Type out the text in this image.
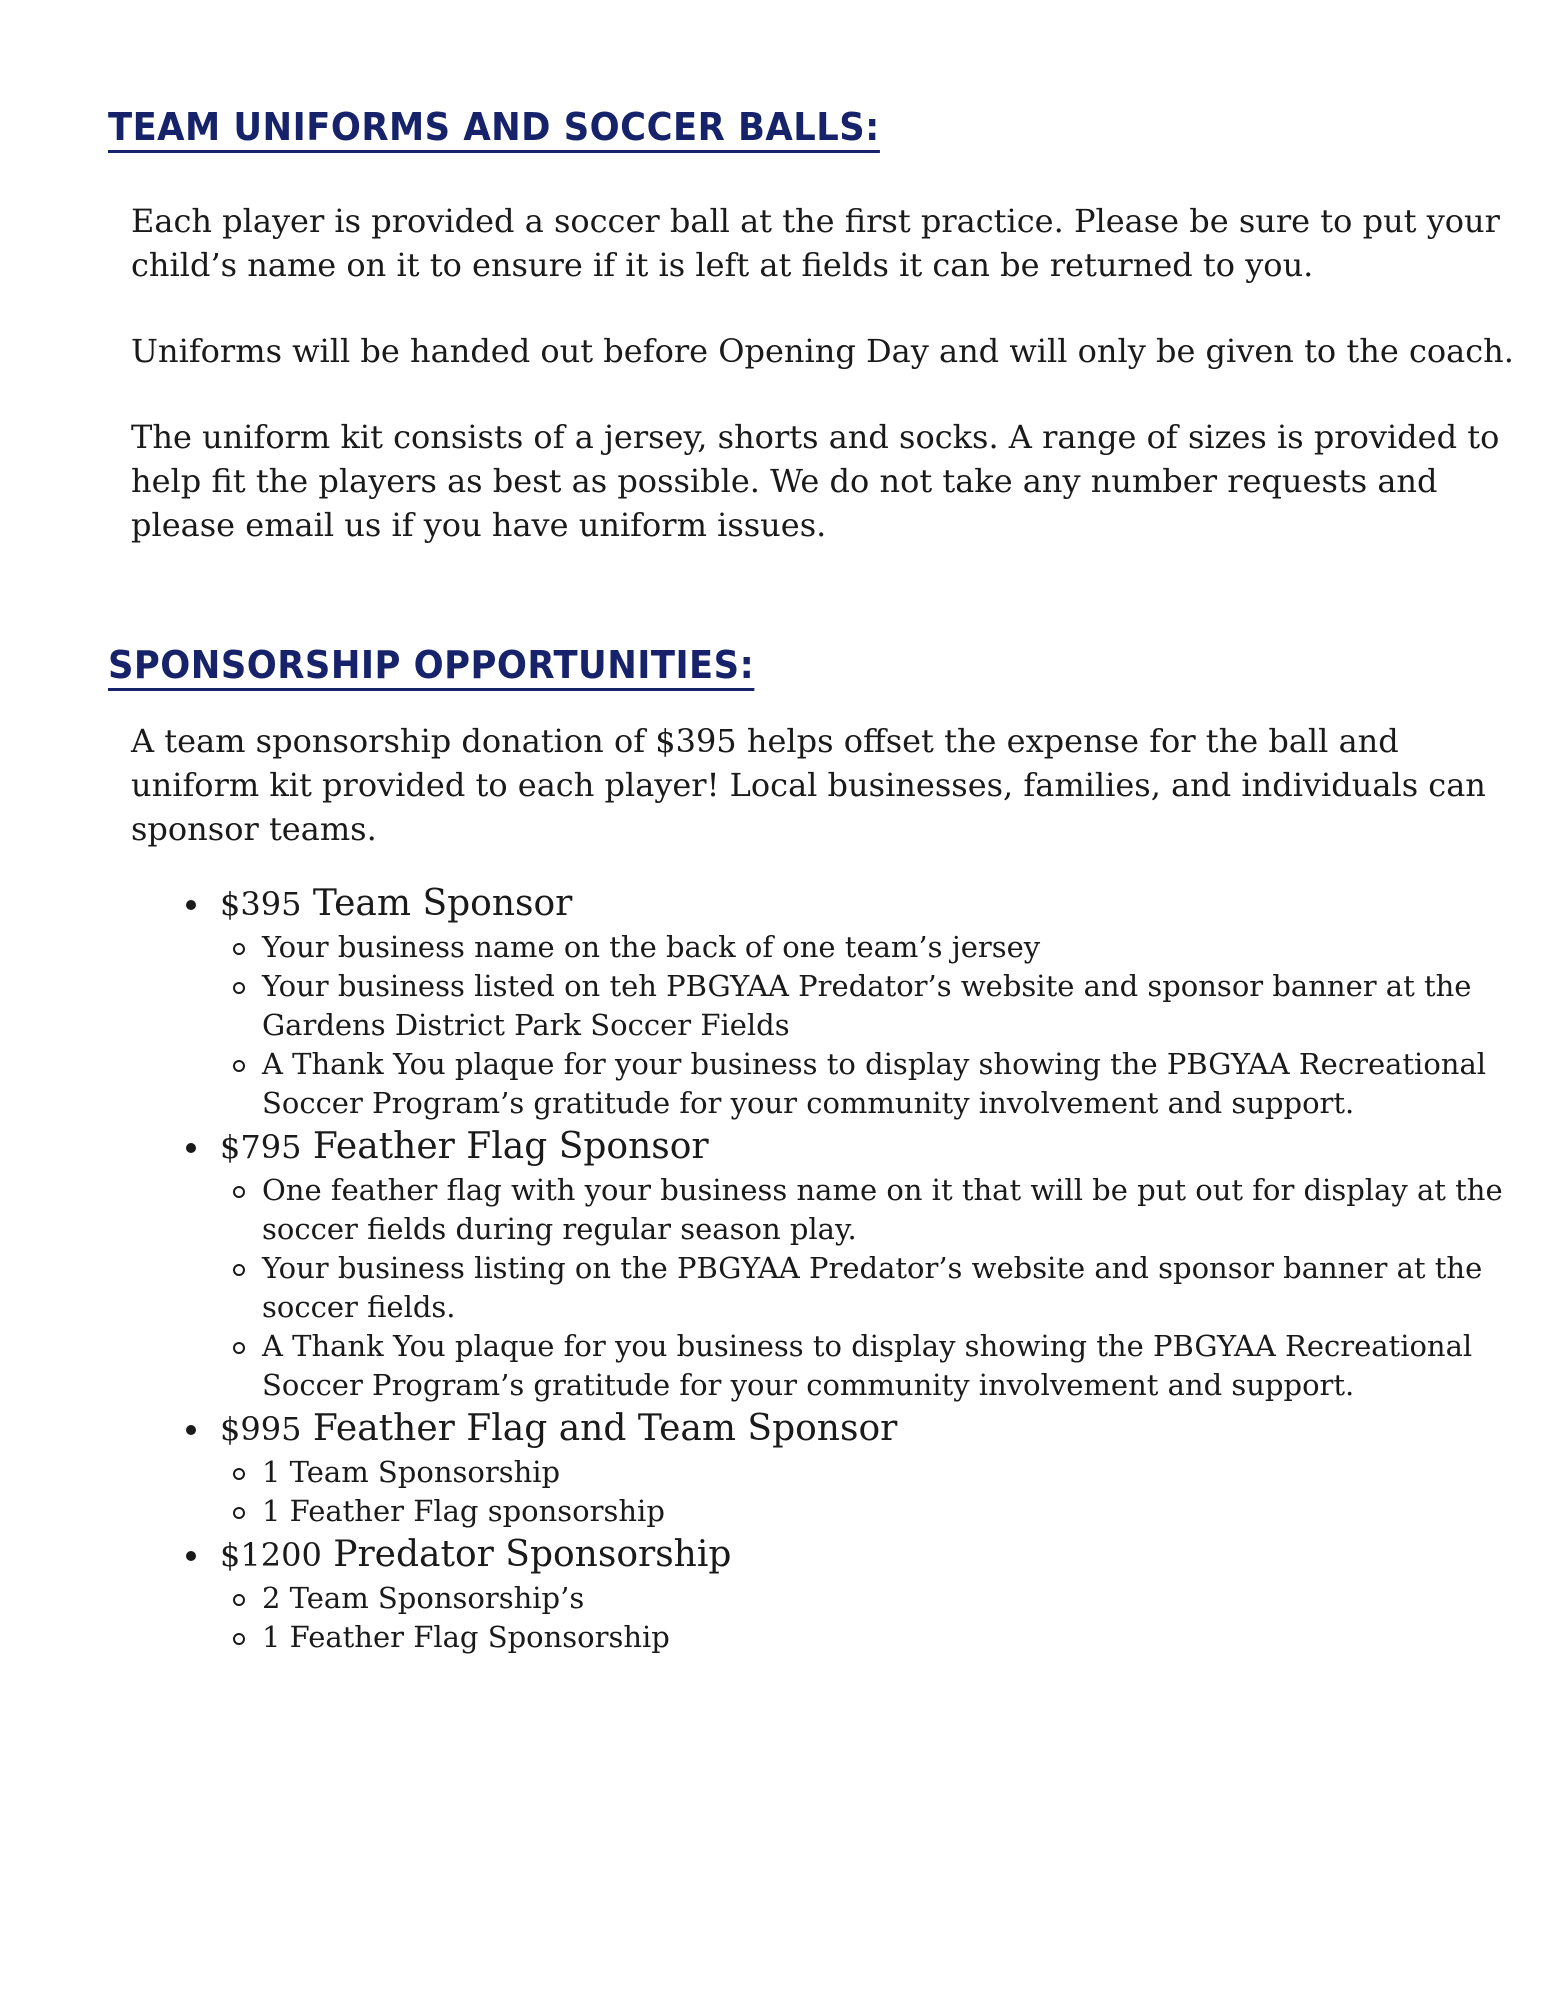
TEAM UNIFORMS AND SOCCER BALLS:

Each player is provided a soccer ball at the first practice. Please be sure to put your child’s name on it to ensure if it is left at fields it can be returned to you.

Uniforms will be handed out before Opening Day and will only be given to the coach.

The uniform kit consists of a jersey, shorts and socks. A range of sizes is provided to help fit the players as best as possible. We do not take any number requests and please email us if you have uniform issues.

SPONSORSHIP OPPORTUNITIES:

A team sponsorship donation of $395 helps offset the expense for the ball and uniform kit provided to each player! Local businesses, families, and individuals can sponsor teams.

$395 Team Sponsor
Your business name on the back of one team’s jersey
Your business listed on teh PBGYAA Predator’s website and sponsor banner at the Gardens District Park Soccer Fields
A Thank You plaque for your business to display showing the PBGYAA Recreational Soccer Program’s gratitude for your community involvement and support.
$795 Feather Flag Sponsor
One feather flag with your business name on it that will be put out for display at the soccer fields during regular season play.
Your business listing on the PBGYAA Predator’s website and sponsor banner at the soccer fields.
A Thank You plaque for you business to display showing the PBGYAA Recreational Soccer Program’s gratitude for your community involvement and support.
$995 Feather Flag and Team Sponsor
1 Team Sponsorship
1 Feather Flag sponsorship
$1200 Predator Sponsorship
2 Team Sponsorship’s
1 Feather Flag Sponsorship
